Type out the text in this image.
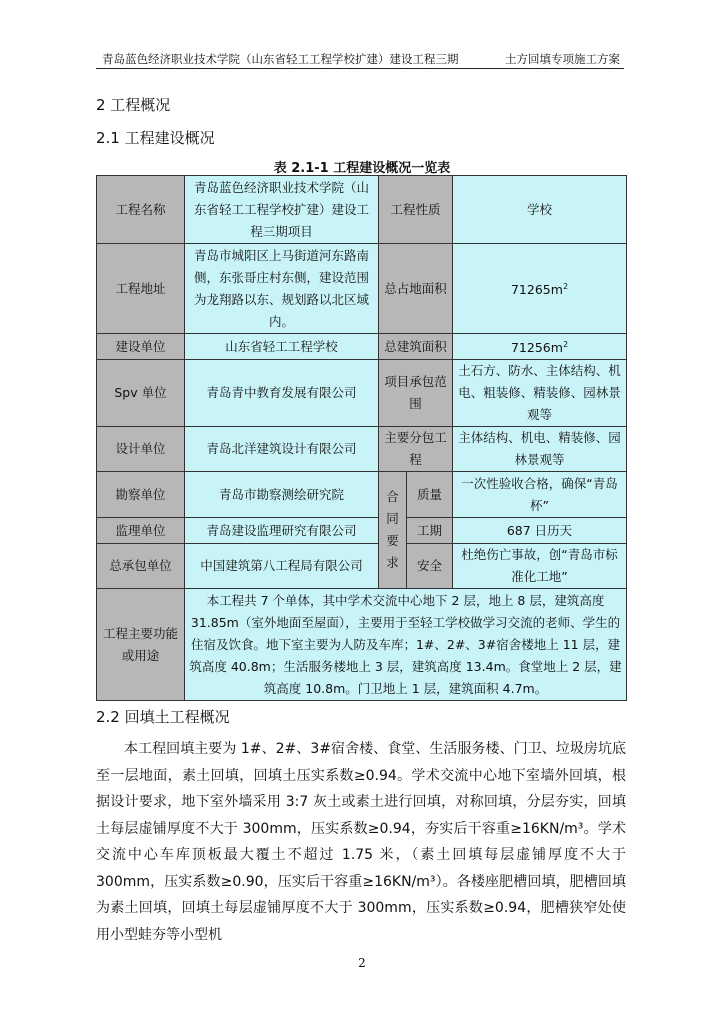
青岛蓝色经济职业技术学院（山东省轻工工程学校扩建）建设工程三期	土方回填专项施工方案
2 工程概况
2.1 工程建设概况
表 2.1-1 工程建设概况一览表
工程名称	青岛蓝色经济职业技术学院（山东省轻工工程学校扩建）建设工程三期项目	工程性质		学校
工程地址	青岛市城阳区上马街道河东路南侧，东张哥庄村东侧，建设范围为龙翔路以东、规划路以北区域内。	总占地面积		$71265m^2$
建设单位	山东省轻工工程学校	总建筑面积		$71256m^2$
Spv 单位	青岛青中教育发展有限公司	项目承包范围		土石方、防水、主体结构、机电、粗装修、精装修、园林景观等
设计单位	青岛北洋建筑设计有限公司	主要分包工程		主体结构、机电、精装修、园林景观等
勘察单位	青岛市勘察测绘研究院	合同要求	质量	一次性验收合格，确保“青岛杯”
监理单位	青岛建设监理研究有限公司		工期	687 日历天
总承包单位	中国建筑第八工程局有限公司		安全	杜绝伤亡事故，创“青岛市标准化工地”
工程主要功能或用途	本工程共 7 个单体，其中学术交流中心地下 2 层，地上 8 层，建筑高度 31.85m（室外地面至屋面），主要用于至轻工学校做学习交流的老师、学生的住宿及饮食。地下室主要为人防及车库；1#、2#、3#宿舍楼地上 11 层，建筑高度 40.8m；生活服务楼地上 3 层，建筑高度 13.4m。食堂地上 2 层，建筑高度 10.8m。门卫地上 1 层，建筑面积 4.7m。			
2.2 回填土工程概况
本工程回填主要为 1#、2#、3#宿舍楼、食堂、生活服务楼、门卫、垃圾房坑底至一层地面，素土回填，回填土压实系数≥0.94。学术交流中心地下室墙外回填，根据设计要求，地下室外墙采用 3:7 灰土或素土进行回填，对称回填，分层夯实，回填土每层虚铺厚度不大于 300mm，压实系数≥0.94，夯实后干容重≥16KN/m³。学术交流中心车库顶板最大覆土不超过 1.75 米，（素土回填每层虚铺厚度不大于 300mm，压实系数≥0.90，压实后干容重≥16KN/m³）。各楼座肥槽回填，肥槽回填为素土回填，回填土每层虚铺厚度不大于 300mm，压实系数≥0.94，肥槽狭窄处使用小型蛙夯等小型机
2
